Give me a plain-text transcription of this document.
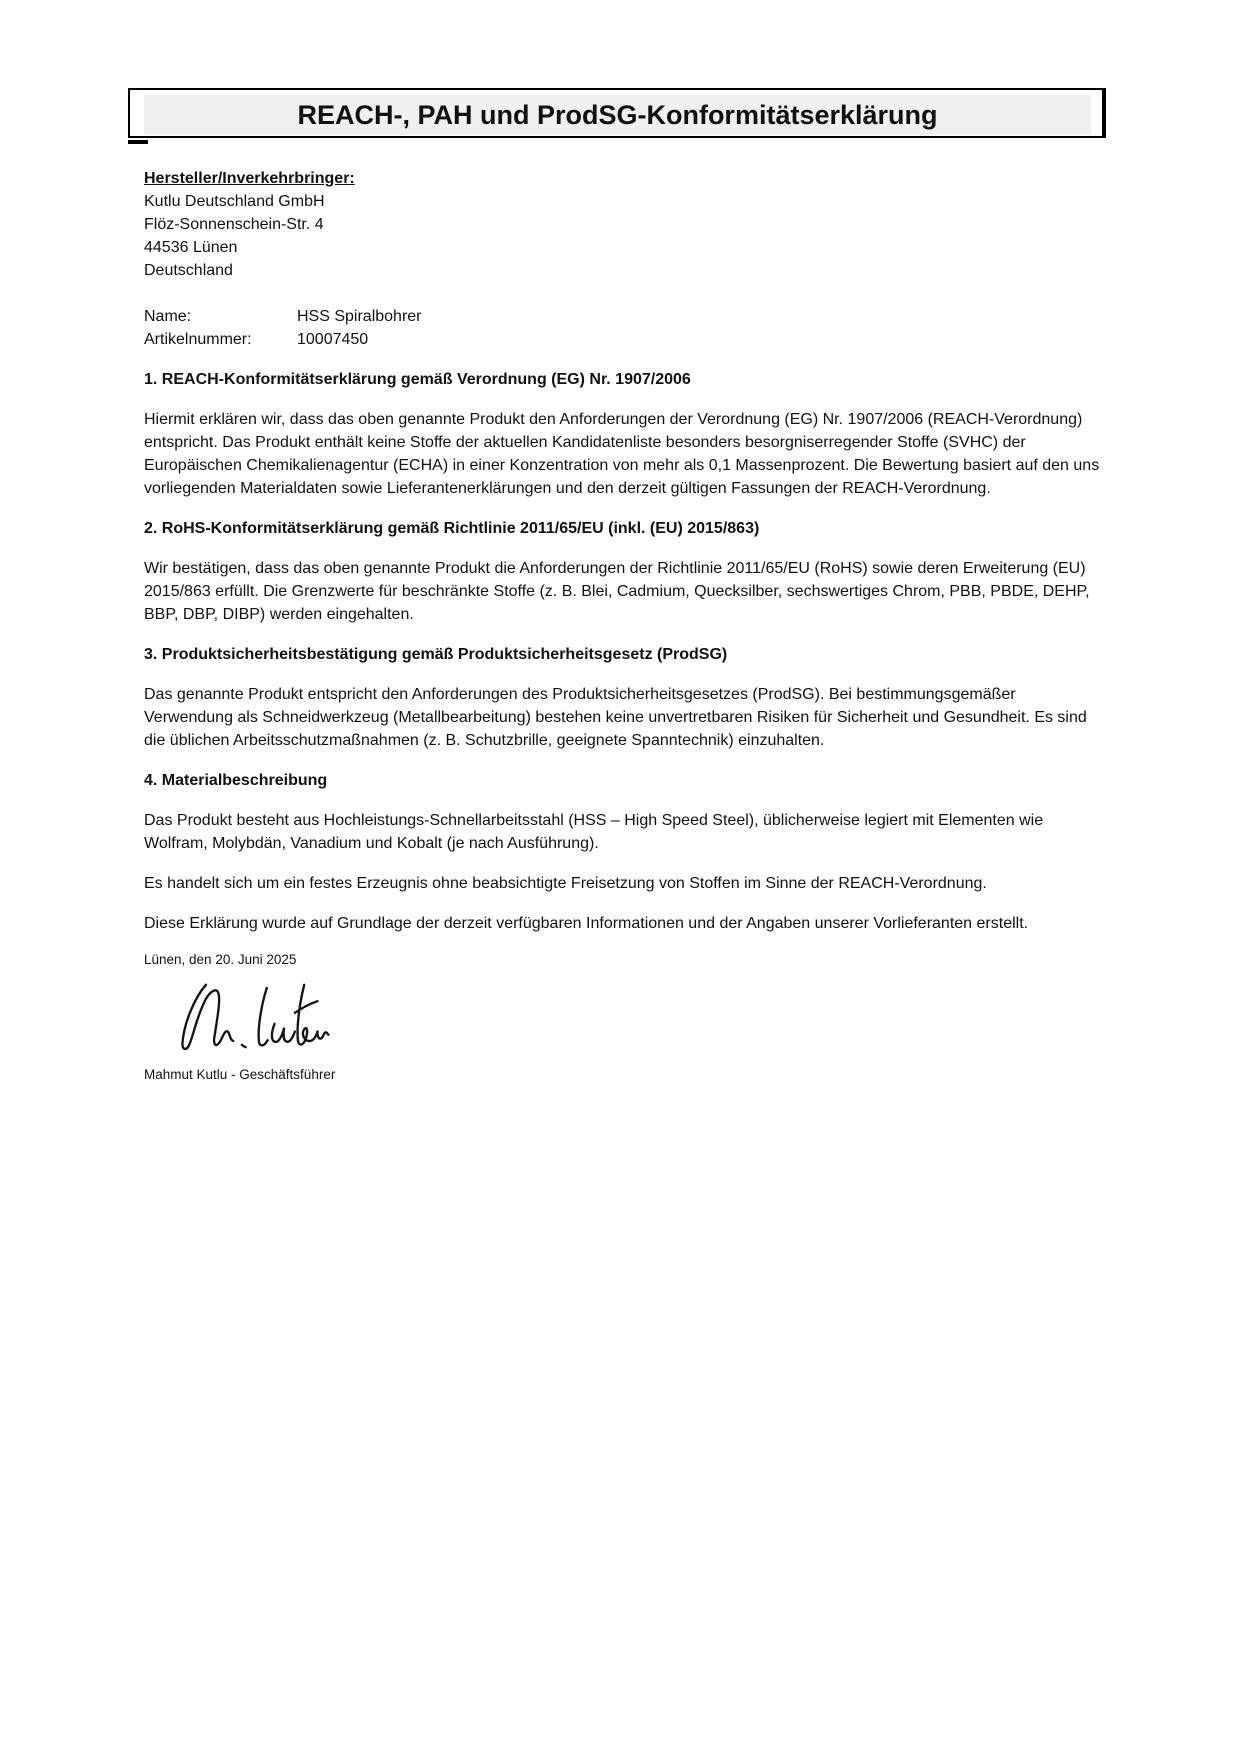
REACH-, PAH und ProdSG-Konformitätserklärung

Hersteller/Inverkehrbringer:

Kutlu Deutschland GmbH

Flöz-Sonnenschein-Str. 4

44536 Lünen

Deutschland

Name:	HSS Spiralbohrer
Artikelnummer:	10007450
1. REACH-Konformitätserklärung gemäß Verordnung (EG) Nr. 1907/2006

Hiermit erklären wir, dass das oben genannte Produkt den Anforderungen der Verordnung (EG) Nr. 1907/2006 (REACH-Verordnung) entspricht. Das Produkt enthält keine Stoffe der aktuellen Kandidatenliste besonders besorgniserregender Stoffe (SVHC) der Europäischen Chemikalienagentur (ECHA) in einer Konzentration von mehr als 0,1 Massenprozent. Die Bewertung basiert auf den uns vorliegenden Materialdaten sowie Lieferantenerklärungen und den derzeit gültigen Fassungen der REACH-Verordnung.

2. RoHS-Konformitätserklärung gemäß Richtlinie 2011/65/EU (inkl. (EU) 2015/863)

Wir bestätigen, dass das oben genannte Produkt die Anforderungen der Richtlinie 2011/65/EU (RoHS) sowie deren Erweiterung (EU) 2015/863 erfüllt. Die Grenzwerte für beschränkte Stoffe (z. B. Blei, Cadmium, Quecksilber, sechswertiges Chrom, PBB, PBDE, DEHP, BBP, DBP, DIBP) werden eingehalten.

3. Produktsicherheitsbestätigung gemäß Produktsicherheitsgesetz (ProdSG)

Das genannte Produkt entspricht den Anforderungen des Produktsicherheitsgesetzes (ProdSG). Bei bestimmungsgemäßer Verwendung als Schneidwerkzeug (Metallbearbeitung) bestehen keine unvertretbaren Risiken für Sicherheit und Gesundheit. Es sind die üblichen Arbeitsschutzmaßnahmen (z. B. Schutzbrille, geeignete Spanntechnik) einzuhalten.

4. Materialbeschreibung

Das Produkt besteht aus Hochleistungs-Schnellarbeitsstahl (HSS – High Speed Steel), üblicherweise legiert mit Elementen wie Wolfram, Molybdän, Vanadium und Kobalt (je nach Ausführung).

Es handelt sich um ein festes Erzeugnis ohne beabsichtigte Freisetzung von Stoffen im Sinne der REACH-Verordnung.

Diese Erklärung wurde auf Grundlage der derzeit verfügbaren Informationen und der Angaben unserer Vorlieferanten erstellt.

Lünen, den 20. Juni 2025

Mahmut Kutlu - Geschäftsführer
